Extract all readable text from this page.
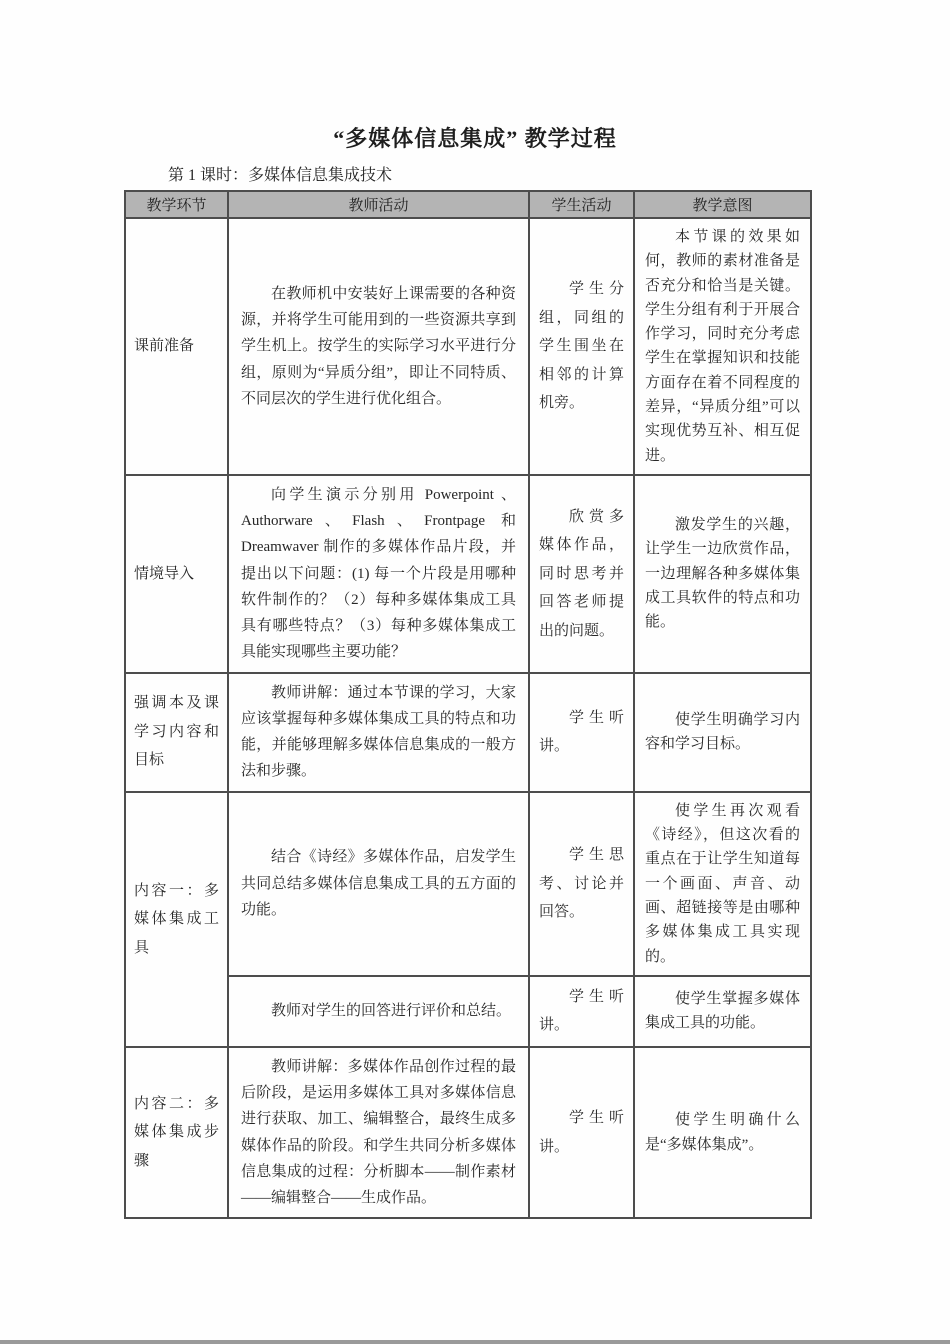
“多媒体信息集成” 教学过程
第 1 课时：多媒体信息集成技术
教学环节	教师活动	学生活动	教学意图
课前准备	在教师机中安装好上课需要的各种资源，并将学生可能用到的一些资源共享到学生机上。按学生的实际学习水平进行分组，原则为“异质分组”，即让不同特质、不同层次的学生进行优化组合。	学生分组，同组的学生围坐在相邻的计算机旁。	本节课的效果如何，教师的素材准备是否充分和恰当是关键。学生分组有利于开展合作学习，同时充分考虑学生在掌握知识和技能方面存在着不同程度的差异，“异质分组”可以实现优势互补、相互促进。
情境导入	向学生演示分别用 Powerpoint 、Authorware、Flash、Frontpage 和 Dreamwaver 制作的多媒体作品片段，并提出以下问题：(1) 每一个片段是用哪种软件制作的？（2）每种多媒体集成工具具有哪些特点？（3）每种多媒体集成工具能实现哪些主要功能？	欣赏多媒体作品，同时思考并回答老师提出的问题。	激发学生的兴趣，让学生一边欣赏作品，一边理解各种多媒体集成工具软件的特点和功能。
强调本及课学习内容和目标	教师讲解：通过本节课的学习，大家应该掌握每种多媒体集成工具的特点和功能，并能够理解多媒体信息集成的一般方法和步骤。	学生听讲。	使学生明确学习内容和学习目标。
内容一：多媒体集成工具	结合《诗经》多媒体作品，启发学生共同总结多媒体信息集成工具的五方面的功能。	学生思考、讨论并回答。	使学生再次观看《诗经》，但这次看的重点在于让学生知道每一个画面、声音、动画、超链接等是由哪种多媒体集成工具实现的。
	教师对学生的回答进行评价和总结。	学生听讲。	使学生掌握多媒体集成工具的功能。
内容二：多媒体集成步骤	教师讲解：多媒体作品创作过程的最后阶段，是运用多媒体工具对多媒体信息进行获取、加工、编辑整合，最终生成多媒体作品的阶段。和学生共同分析多媒体信息集成的过程：分析脚本——制作素材——编辑整合——生成作品。	学生听讲。	使学生明确什么是“多媒体集成”。
